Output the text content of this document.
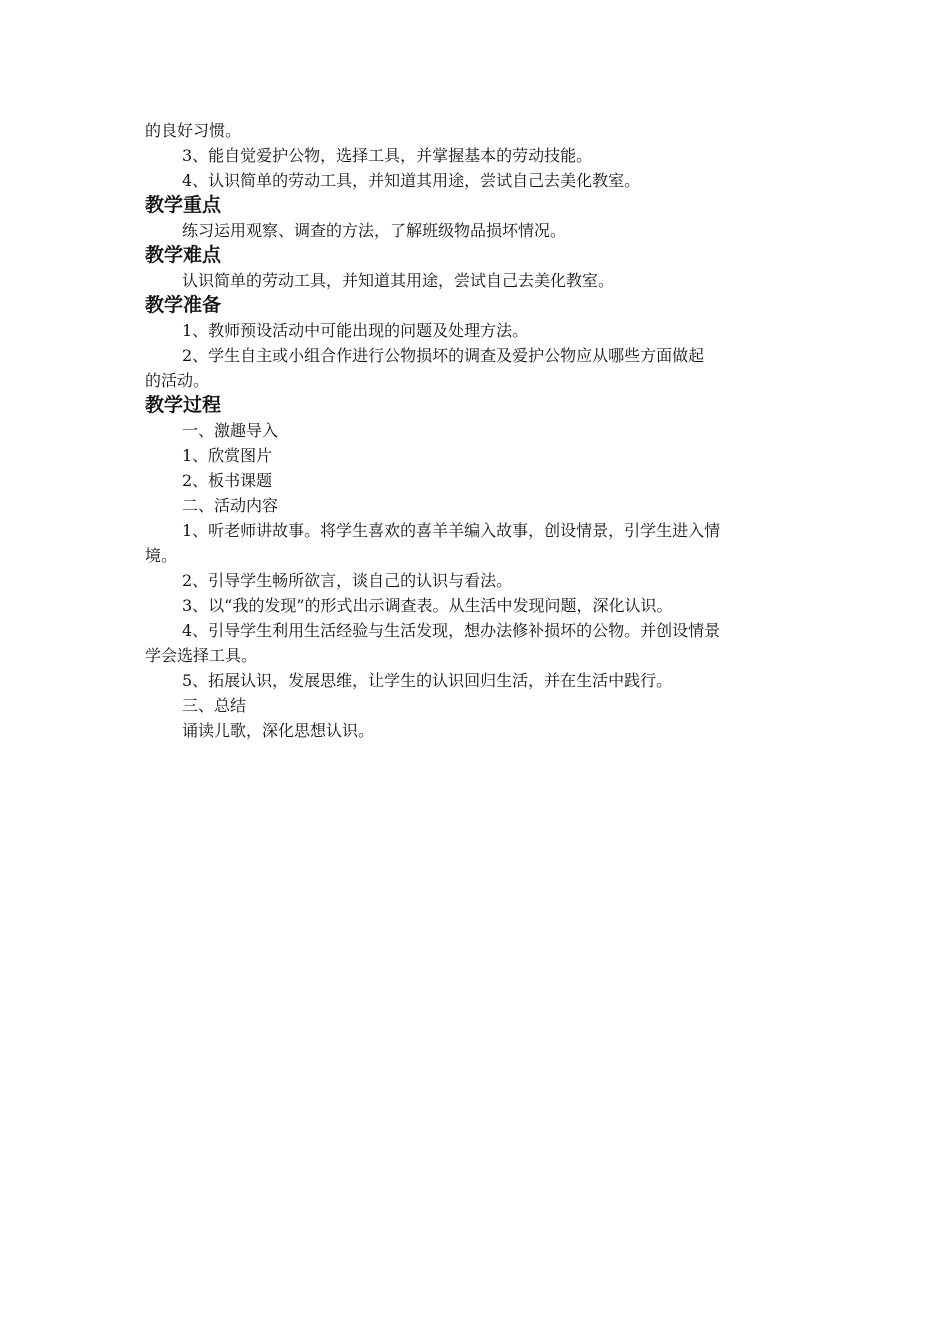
的良好习惯。
3、能自觉爱护公物，选择工具，并掌握基本的劳动技能。
4、认识简单的劳动工具，并知道其用途，尝试自己去美化教室。
教学重点
练习运用观察、调查的方法，了解班级物品损坏情况。
教学难点
认识简单的劳动工具，并知道其用途，尝试自己去美化教室。
教学准备
1、教师预设活动中可能出现的问题及处理方法。
2、学生自主或小组合作进行公物损坏的调查及爱护公物应从哪些方面做起
的活动。
教学过程
一、激趣导入
1、欣赏图片
2、板书课题
二、活动内容
1、听老师讲故事。将学生喜欢的喜羊羊编入故事，创设情景，引学生进入情
境。
2、引导学生畅所欲言，谈自己的认识与看法。
3、以“我的发现”的形式出示调查表。从生活中发现问题，深化认识。
4、引导学生利用生活经验与生活发现，想办法修补损坏的公物。并创设情景
学会选择工具。
5、拓展认识，发展思维，让学生的认识回归生活，并在生活中践行。
三、总结
诵读儿歌，深化思想认识。
